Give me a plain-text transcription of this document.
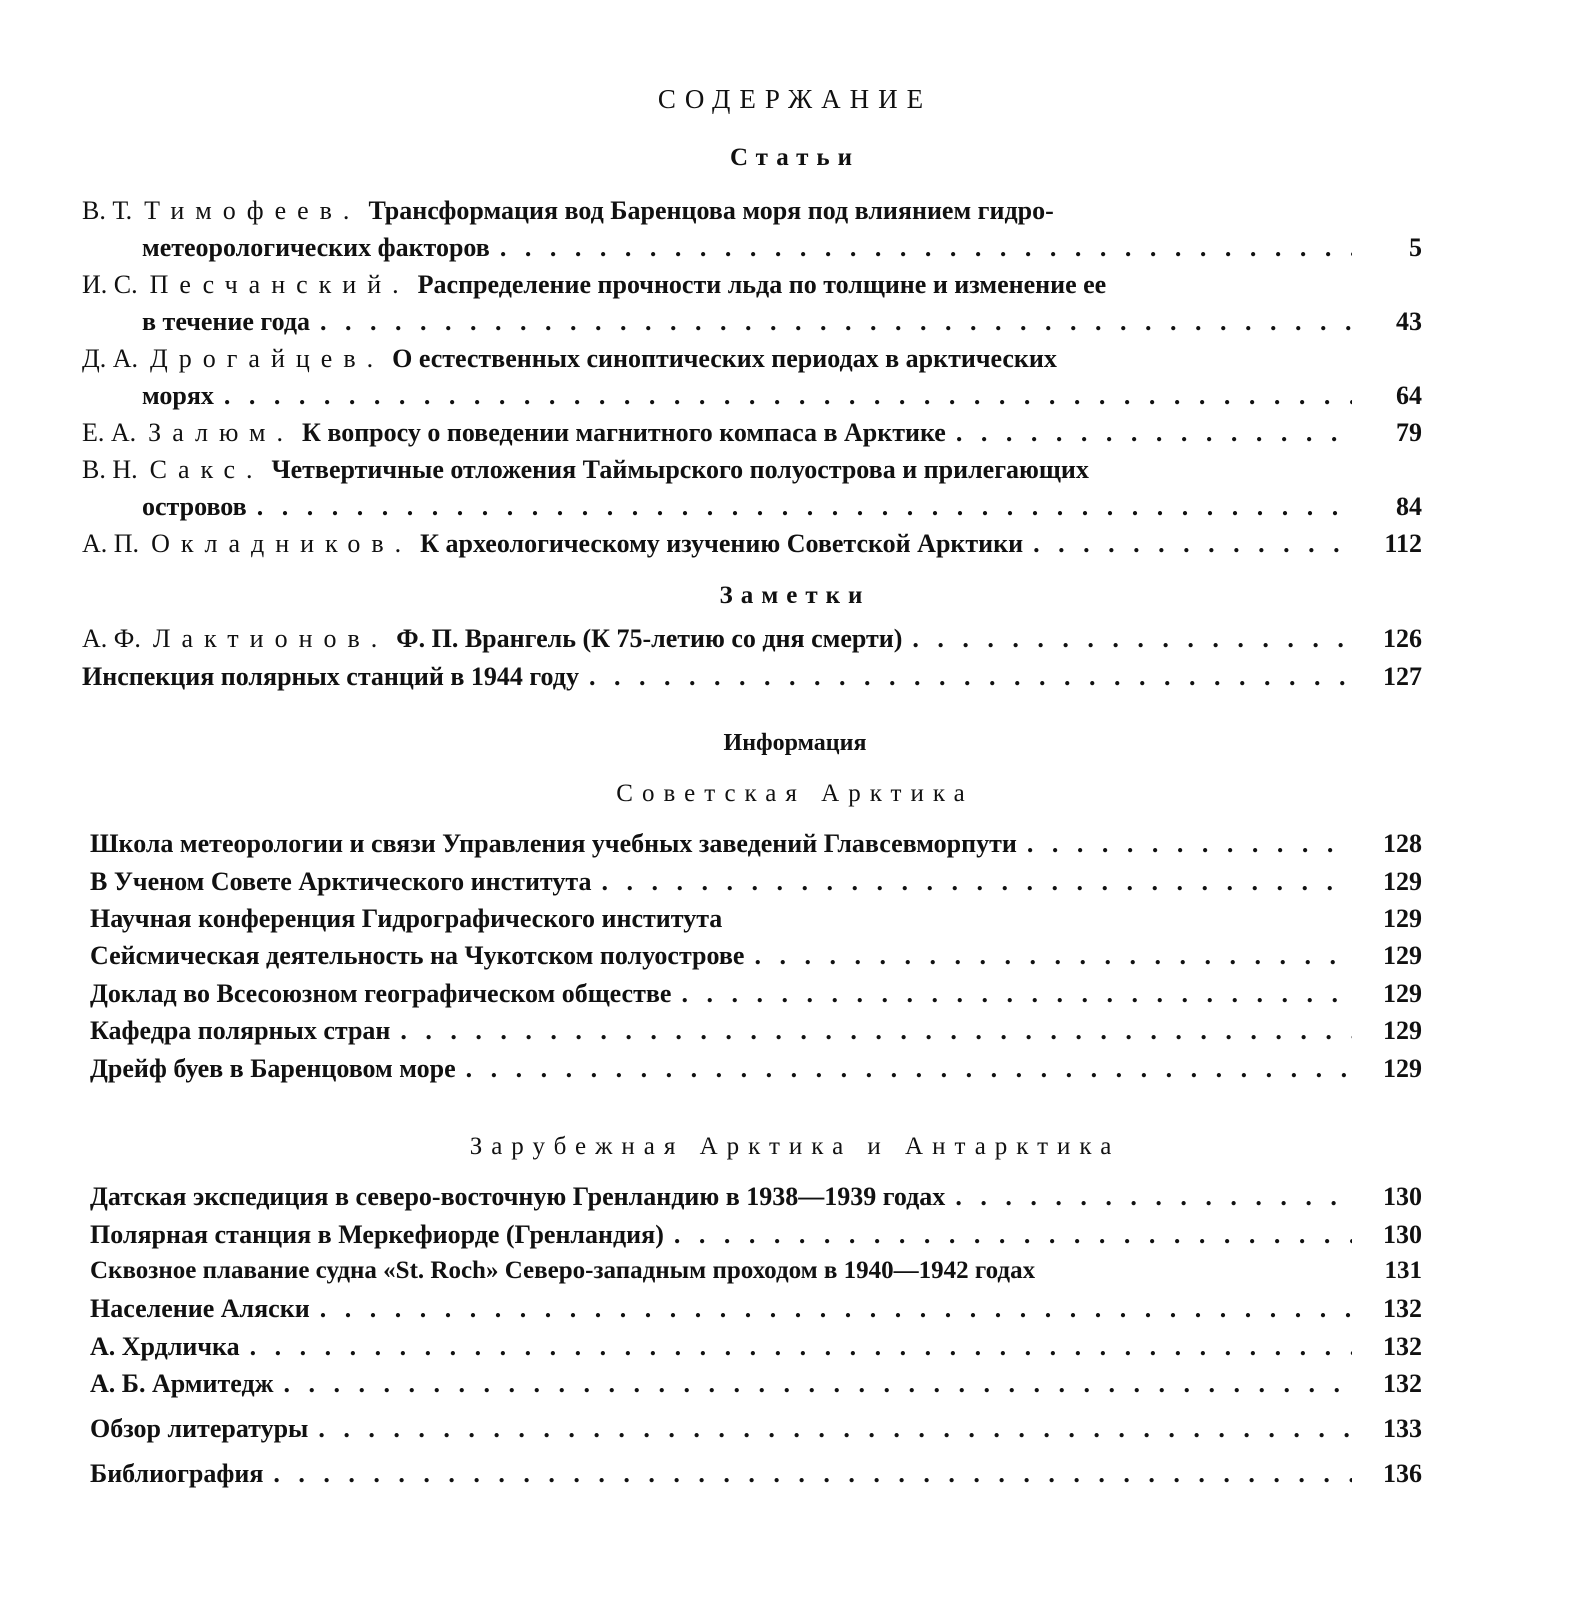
СОДЕРЖАНИЕ
Статьи
В. Т. Тимофеев. Трансформация вод Баренцова моря под влиянием гидро-
метеорологических факторов . . .	5
И. С. Песчанский. Распределение прочности льда по толщине и изменение ее
в течение года . . .	43
Д. А. Дрогайцев. О естественных синоптических периодах в арктических
морях . . .	64
Е. А. Залюм. К вопросу о поведении магнитного компаса в Арктике . . .	79
В. Н. Сакс. Четвертичные отложения Таймырского полуострова и прилегающих
островов . . .	84
А. П. Окладников. К археологическому изучению Советской Арктики . . .	112
Заметки
А. Ф. Лактионов. Ф. П. Врангель (К 75-летию со дня смерти) . . .	126
Инспекция полярных станций в 1944 году . . .	127
Информация
Советская Арктика
Школа метеорологии и связи Управления учебных заведений Главсевморпути . . .	128
В Ученом Совете Арктического института . . .	129
Научная конференция Гидрографического института	129
Сейсмическая деятельность на Чукотском полуострове . . .	129
Доклад во Всесоюзном географическом обществе . . .	129
Кафедра полярных стран . . .	129
Дрейф буев в Баренцовом море . . .	129
Зарубежная Арктика и Антарктика
Датская экспедиция в северо-восточную Гренландию в 1938—1939 годах . . .	130
Полярная станция в Меркефиорде (Гренландия) . . .	130
Сквозное плавание судна «St. Roch» Северо-западным проходом в 1940—1942 годах	131
Население Аляски . . .	132
А. Хрдличка . . .	132
А. Б. Армитедж . . .	132
Обзор литературы . . .	133
Библиография . . .	136
